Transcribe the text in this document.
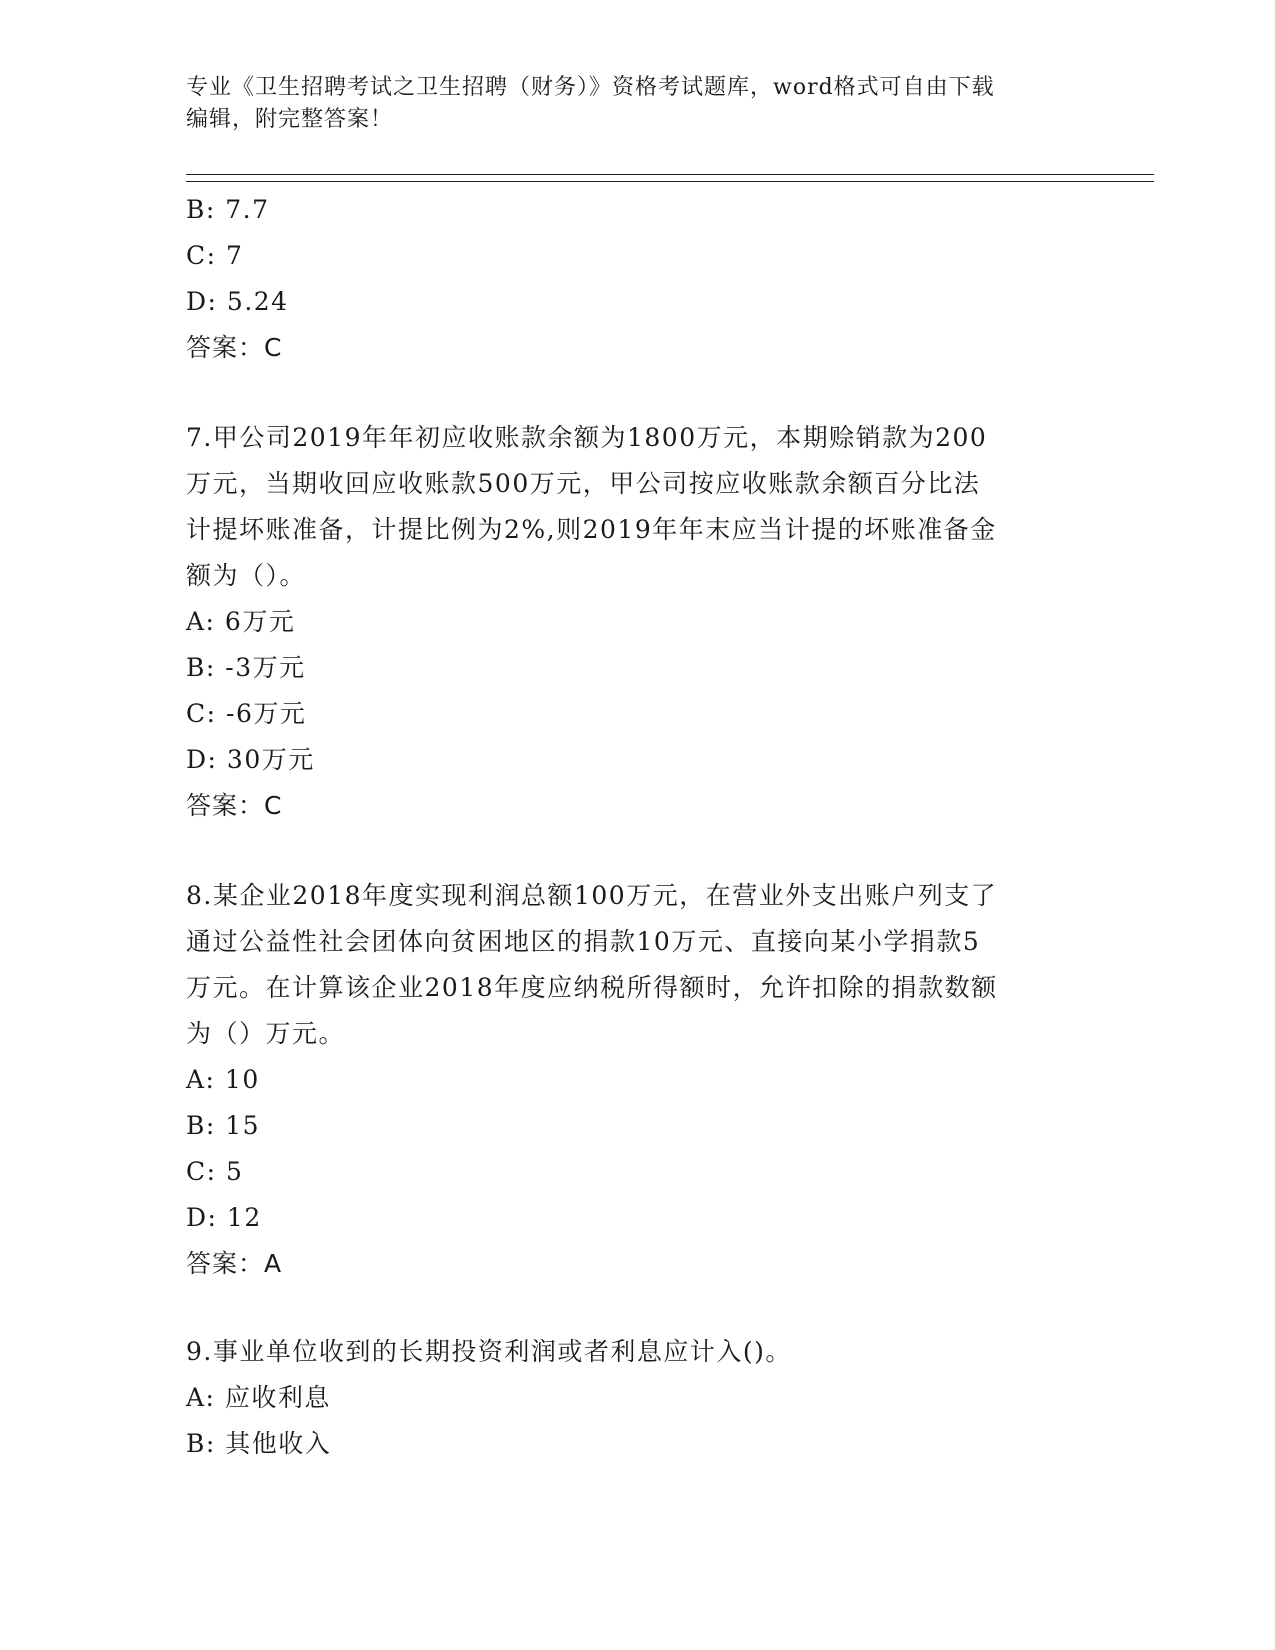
专业《卫生招聘考试之卫生招聘（财务）》资格考试题库，word格式可自由下载
编辑，附完整答案！
B: 7.7
C: 7
D: 5.24
答案：C
7.甲公司2019年年初应收账款余额为1800万元，本期赊销款为200
万元，当期收回应收账款500万元，甲公司按应收账款余额百分比法
计提坏账准备，计提比例为2%,则2019年年末应当计提的坏账准备金
额为（）。
A: 6万元
B: -3万元
C: -6万元
D: 30万元
答案：C
8.某企业2018年度实现利润总额100万元，在营业外支出账户列支了
通过公益性社会团体向贫困地区的捐款10万元、直接向某小学捐款5
万元。在计算该企业2018年度应纳税所得额时，允许扣除的捐款数额
为（）万元。
A: 10
B: 15
C: 5
D: 12
答案：A
9.事业单位收到的长期投资利润或者利息应计入()。
A: 应收利息
B: 其他收入
